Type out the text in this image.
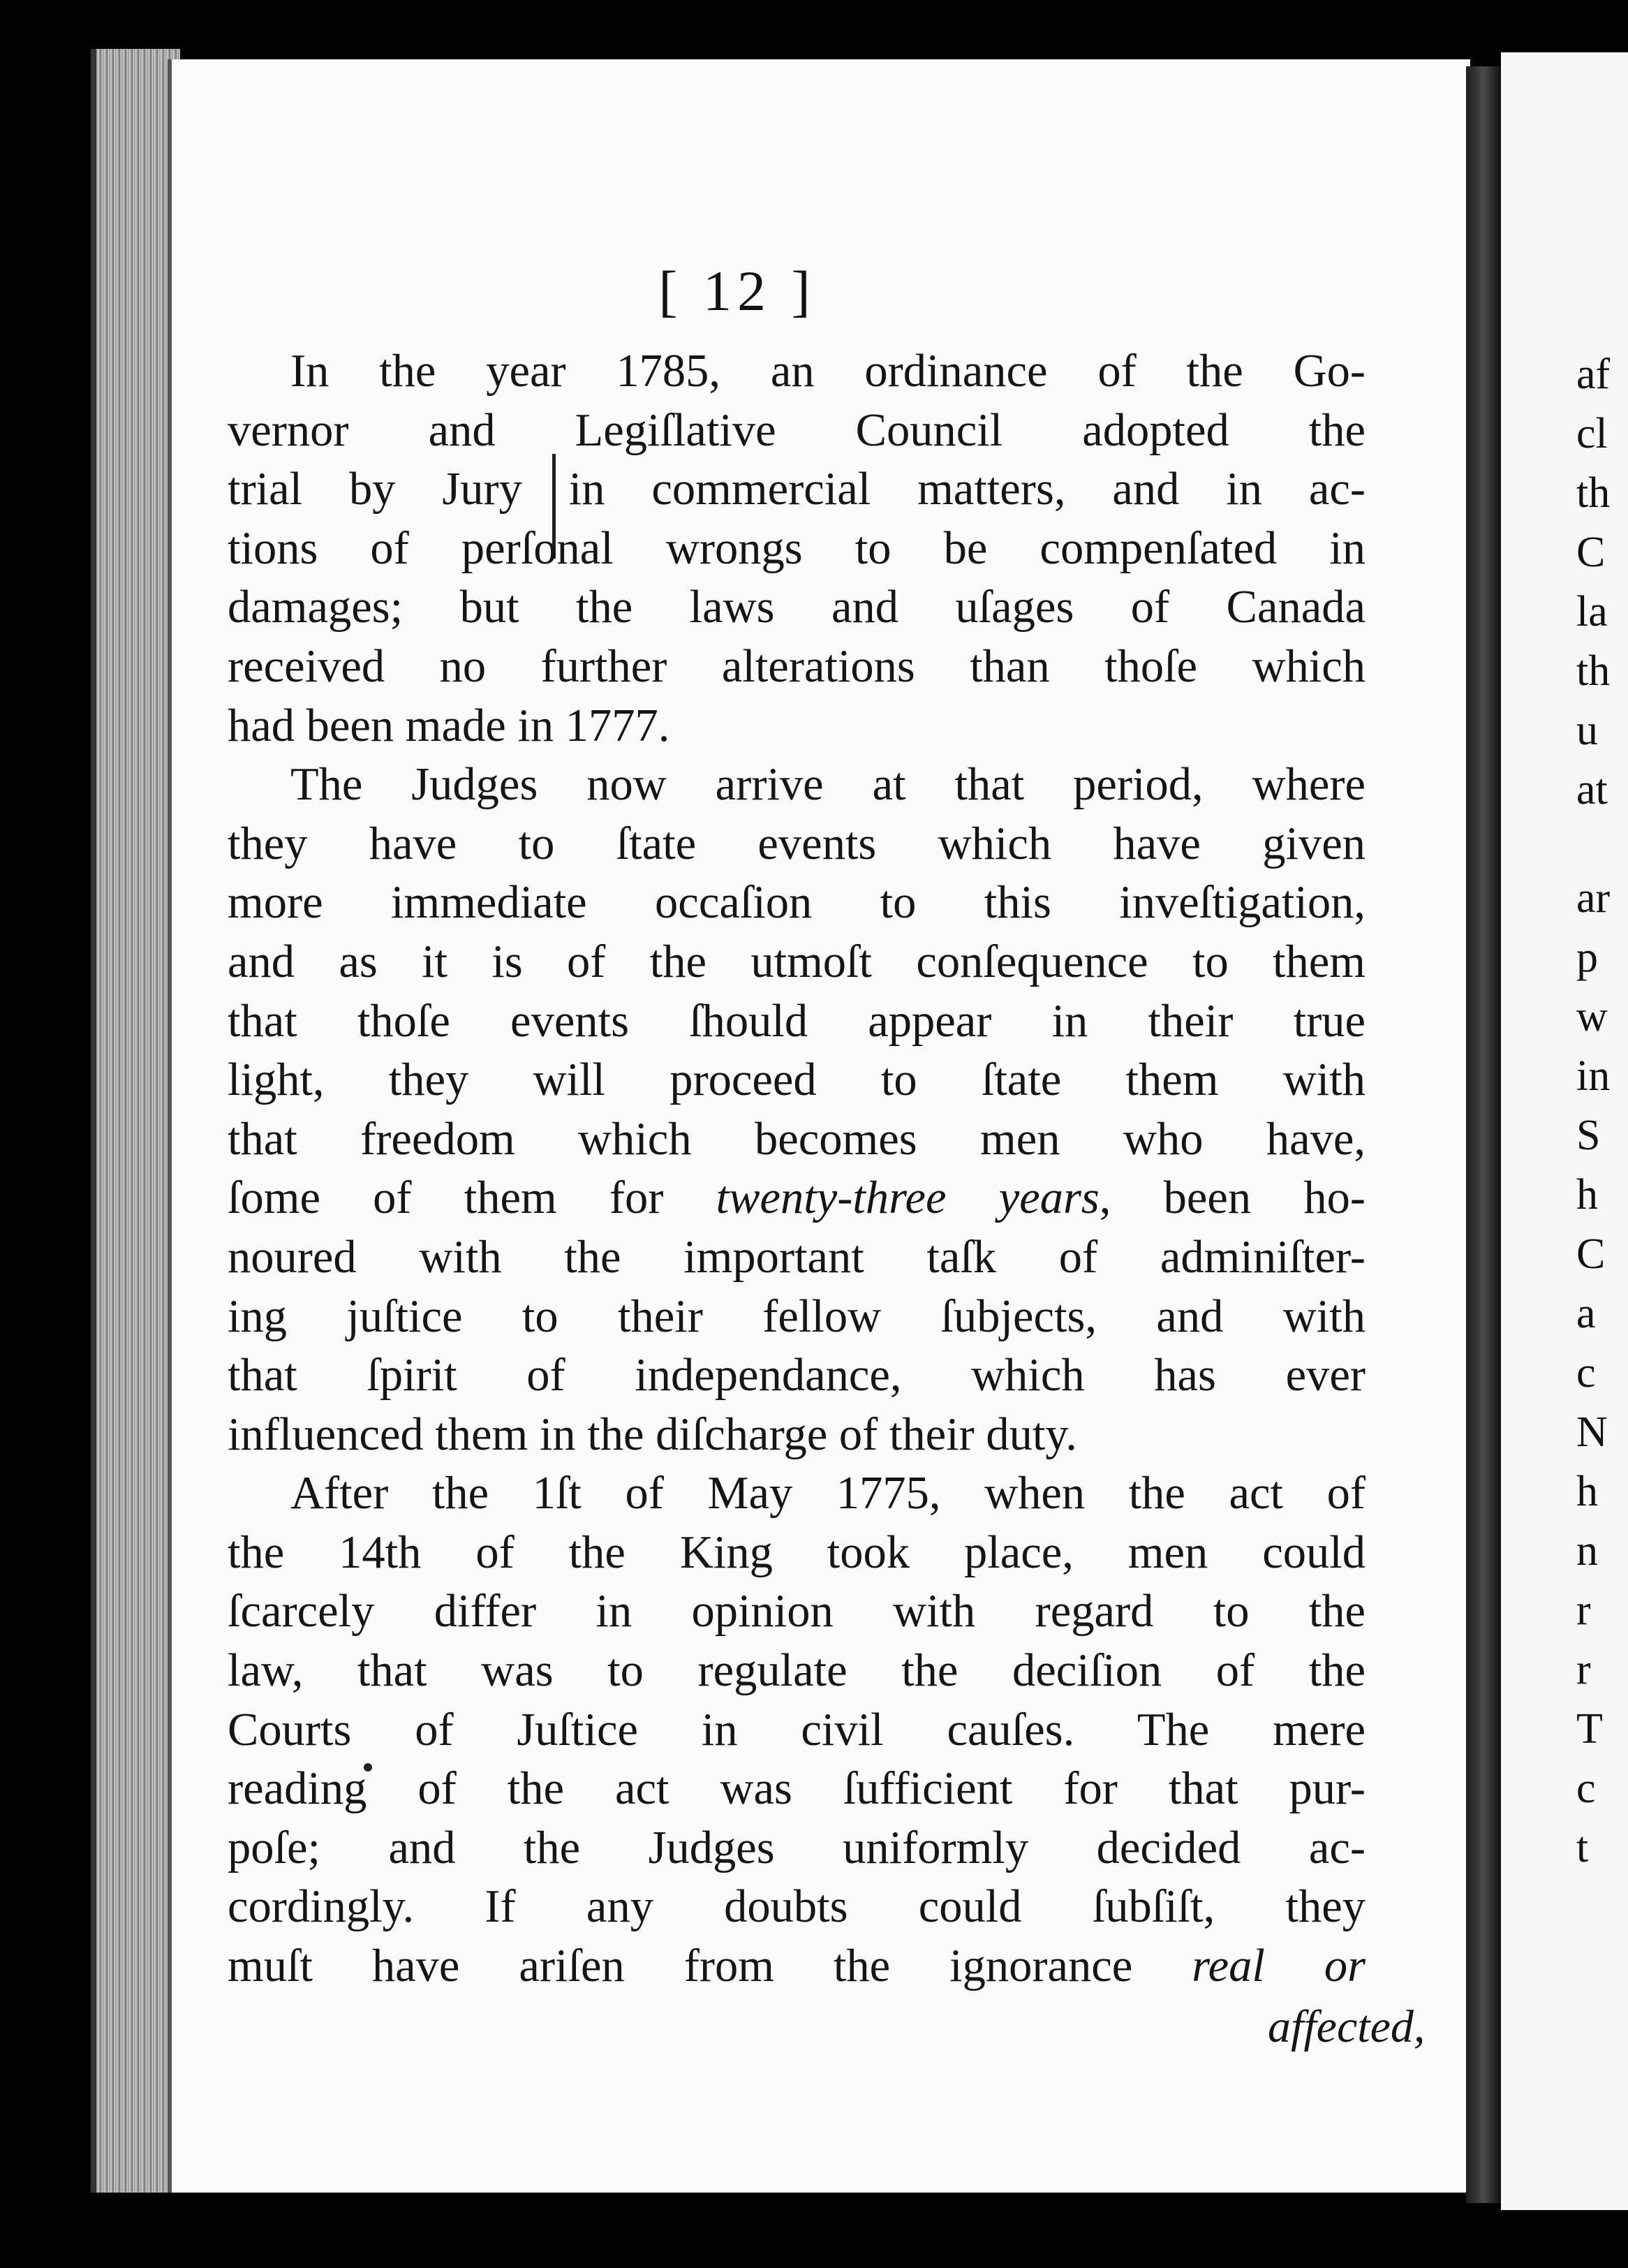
[ 12 ]
In the year 1785, an ordinance of the Go-
vernor and Legiſlative Council adopted the
trial by Jury in commercial matters, and in ac-
tions of perſonal wrongs to be compenſated in
damages; but the laws and uſages of Canada
received no further alterations than thoſe which
had been made in 1777.
The Judges now arrive at that period, where
they have to ſtate events which have given
more immediate occaſion to this inveſtigation,
and as it is of the utmoſt conſequence to them
that thoſe events ſhould appear in their true
light, they will proceed to ſtate them with
that freedom which becomes men who have,
ſome of them for twenty-three years, been ho-
noured with the important taſk of adminiſter-
ing juſtice to their fellow ſubjects, and with
that ſpirit of independance, which has ever
influenced them in the diſcharge of their duty.
After the 1ſt of May 1775, when the act of
the 14th of the King took place, men could
ſcarcely differ in opinion with regard to the
law, that was to regulate the deciſion of the
Courts of Juſtice in civil cauſes. The mere
reading of the act was ſufficient for that pur-
poſe; and the Judges uniformly decided ac-
cordingly. If any doubts could ſubſiſt, they
muſt have ariſen from the ignorance real or
affected,
af
cl
th
C
la
th
u
at
ar
p
w
in
S
h
C
a
c
N
h
n
r
r
T
c
t
